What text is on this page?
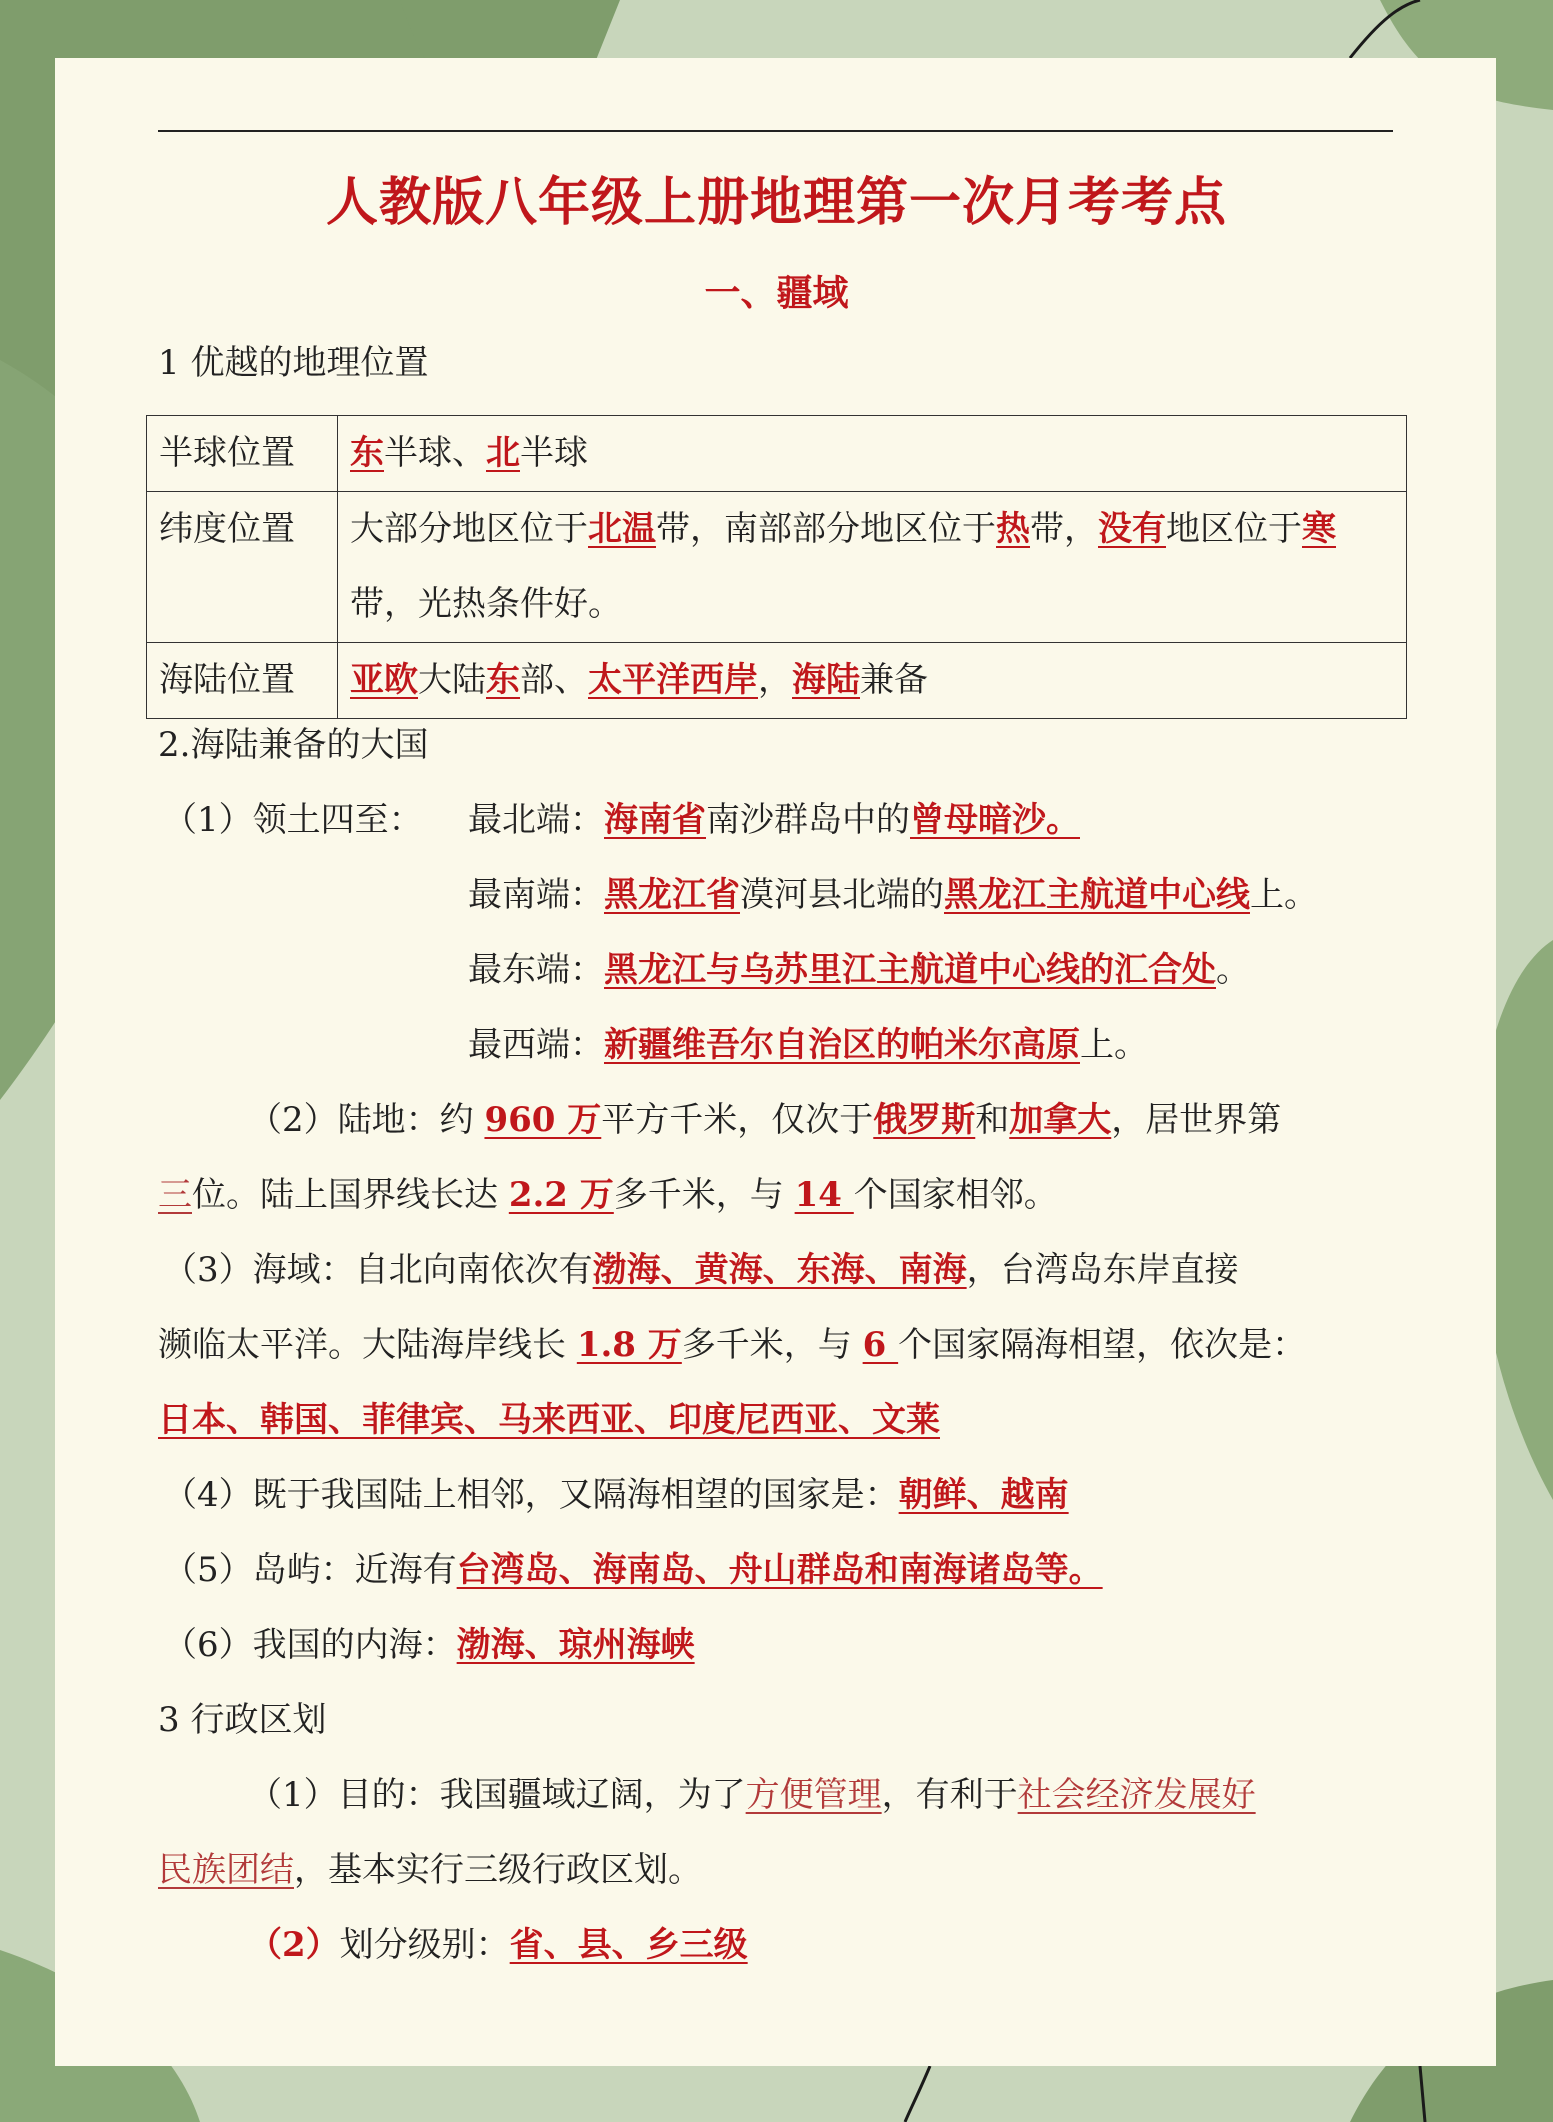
人教版八年级上册地理第一次月考考点
一、疆域
1 优越的地理位置
半球位置	东半球、北半球
纬度位置	大部分地区位于北温带，南部部分地区位于热带，没有地区位于寒带，光热条件好。
海陆位置	亚欧大陆东部、太平洋西岸，海陆兼备
2.海陆兼备的大国
（1）领土四至： 最北端：海南省南沙群岛中的曾母暗沙。
最南端：黑龙江省漠河县北端的黑龙江主航道中心线上。
最东端：黑龙江与乌苏里江主航道中心线的汇合处。
最西端：新疆维吾尔自治区的帕米尔高原上。
（2）陆地：约 960 万平方千米，仅次于俄罗斯和加拿大，居世界第
三位。陆上国界线长达 2.2 万多千米，与 14 个国家相邻。
（3）海域：自北向南依次有渤海、黄海、东海、南海，台湾岛东岸直接
濒临太平洋。大陆海岸线长 1.8 万多千米，与 6 个国家隔海相望，依次是：
日本、韩国、菲律宾、马来西亚、印度尼西亚、文莱
（4）既于我国陆上相邻，又隔海相望的国家是：朝鲜、越南
（5）岛屿：近海有台湾岛、海南岛、舟山群岛和南海诸岛等。
（6）我国的内海：渤海、琼州海峡
3 行政区划
（1）目的：我国疆域辽阔，为了方便管理，有利于社会经济发展好
民族团结，基本实行三级行政区划。
（2）划分级别：省、县、乡三级
